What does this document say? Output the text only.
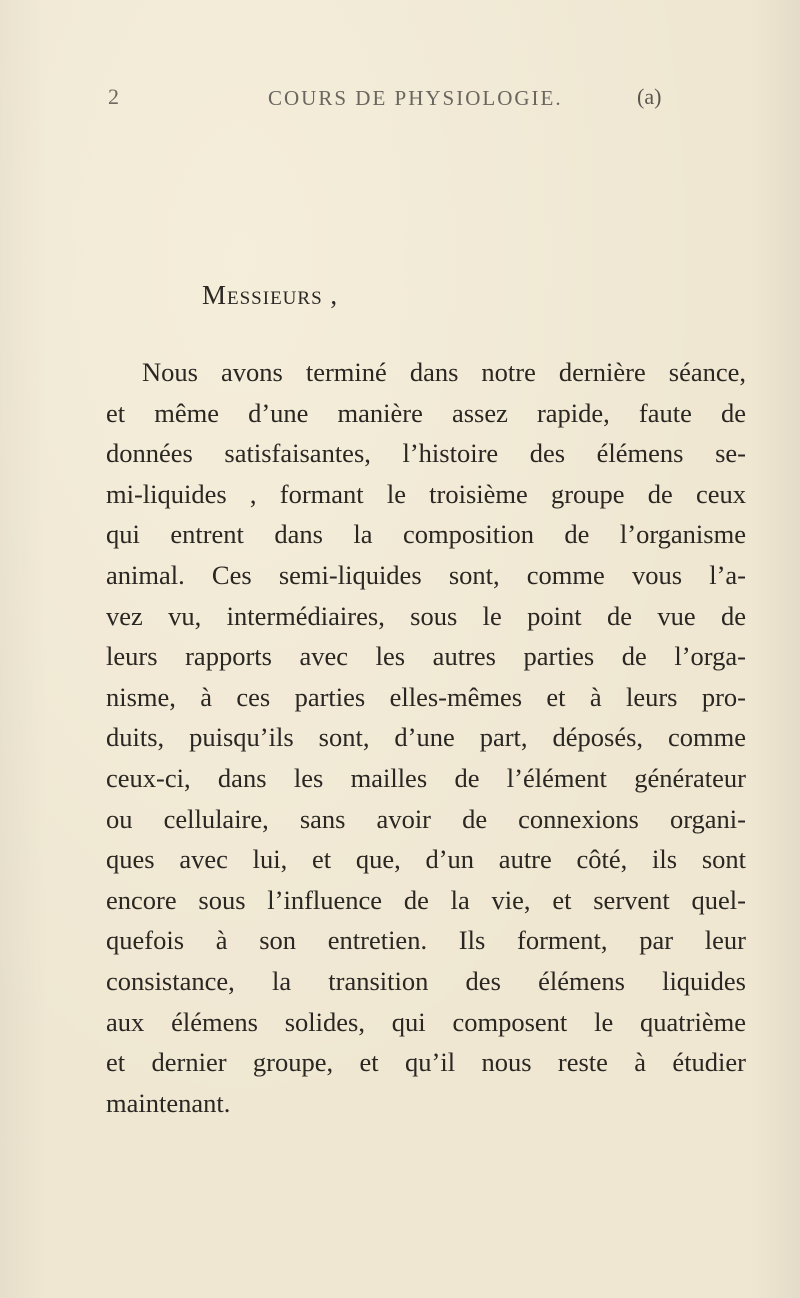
2	COURS DE PHYSIOLOGIE.	(a)
Messieurs ,
Nous avons terminé dans notre dernière séance,
et même d’une manière assez rapide, faute de
données satisfaisantes, l’histoire des élémens se-
mi-liquides , formant le troisième groupe de ceux
qui entrent dans la composition de l’organisme
animal. Ces semi-liquides sont, comme vous l’a-
vez vu, intermédiaires, sous le point de vue de
leurs rapports avec les autres parties de l’orga-
nisme, à ces parties elles-mêmes et à leurs pro-
duits, puisqu’ils sont, d’une part, déposés, comme
ceux-ci, dans les mailles de l’élément générateur
ou cellulaire, sans avoir de connexions organi-
ques avec lui, et que, d’un autre côté, ils sont
encore sous l’influence de la vie, et servent quel-
quefois à son entretien. Ils forment, par leur
consistance, la transition des élémens liquides
aux élémens solides, qui composent le quatrième
et dernier groupe, et qu’il nous reste à étudier
maintenant.
